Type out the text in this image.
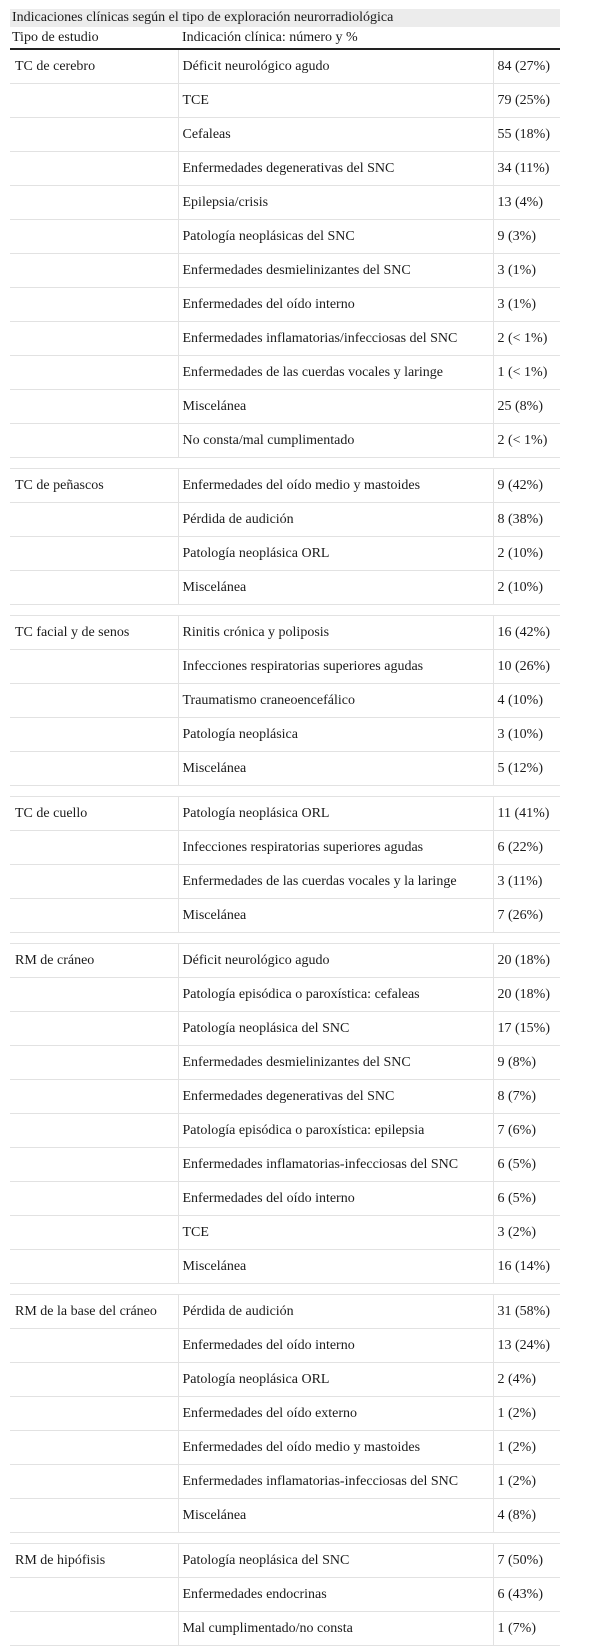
Indicaciones clínicas según el tipo de exploración neurorradiológica
Tipo de estudio	Indicación clínica: número y %	
TC de cerebro	Déficit neurológico agudo	84 (27%)
	TCE	79 (25%)
	Cefaleas	55 (18%)
	Enfermedades degenerativas del SNC	34 (11%)
	Epilepsia/crisis	13 (4%)
	Patología neoplásicas del SNC	9 (3%)
	Enfermedades desmielinizantes del SNC	3 (1%)
	Enfermedades del oído interno	3 (1%)
	Enfermedades inflamatorias/infecciosas del SNC	2 (< 1%)
	Enfermedades de las cuerdas vocales y laringe	1 (< 1%)
	Miscelánea	25 (8%)
	No consta/mal cumplimentado	2 (< 1%)

TC de peñascos	Enfermedades del oído medio y mastoides	9 (42%)
	Pérdida de audición	8 (38%)
	Patología neoplásica ORL	2 (10%)
	Miscelánea	2 (10%)

TC facial y de senos	Rinitis crónica y poliposis	16 (42%)
	Infecciones respiratorias superiores agudas	10 (26%)
	Traumatismo craneoencefálico	4 (10%)
	Patología neoplásica	3 (10%)
	Miscelánea	5 (12%)

TC de cuello	Patología neoplásica ORL	11 (41%)
	Infecciones respiratorias superiores agudas	6 (22%)
	Enfermedades de las cuerdas vocales y la laringe	3 (11%)
	Miscelánea	7 (26%)

RM de cráneo	Déficit neurológico agudo	20 (18%)
	Patología episódica o paroxística: cefaleas	20 (18%)
	Patología neoplásica del SNC	17 (15%)
	Enfermedades desmielinizantes del SNC	9 (8%)
	Enfermedades degenerativas del SNC	8 (7%)
	Patología episódica o paroxística: epilepsia	7 (6%)
	Enfermedades inflamatorias-infecciosas del SNC	6 (5%)
	Enfermedades del oído interno	6 (5%)
	TCE	3 (2%)
	Miscelánea	16 (14%)

RM de la base del cráneo	Pérdida de audición	31 (58%)
	Enfermedades del oído interno	13 (24%)
	Patología neoplásica ORL	2 (4%)
	Enfermedades del oído externo	1 (2%)
	Enfermedades del oído medio y mastoides	1 (2%)
	Enfermedades inflamatorias-infecciosas del SNC	1 (2%)
	Miscelánea	4 (8%)

RM de hipófisis	Patología neoplásica del SNC	7 (50%)
	Enfermedades endocrinas	6 (43%)
	Mal cumplimentado/no consta	1 (7%)
